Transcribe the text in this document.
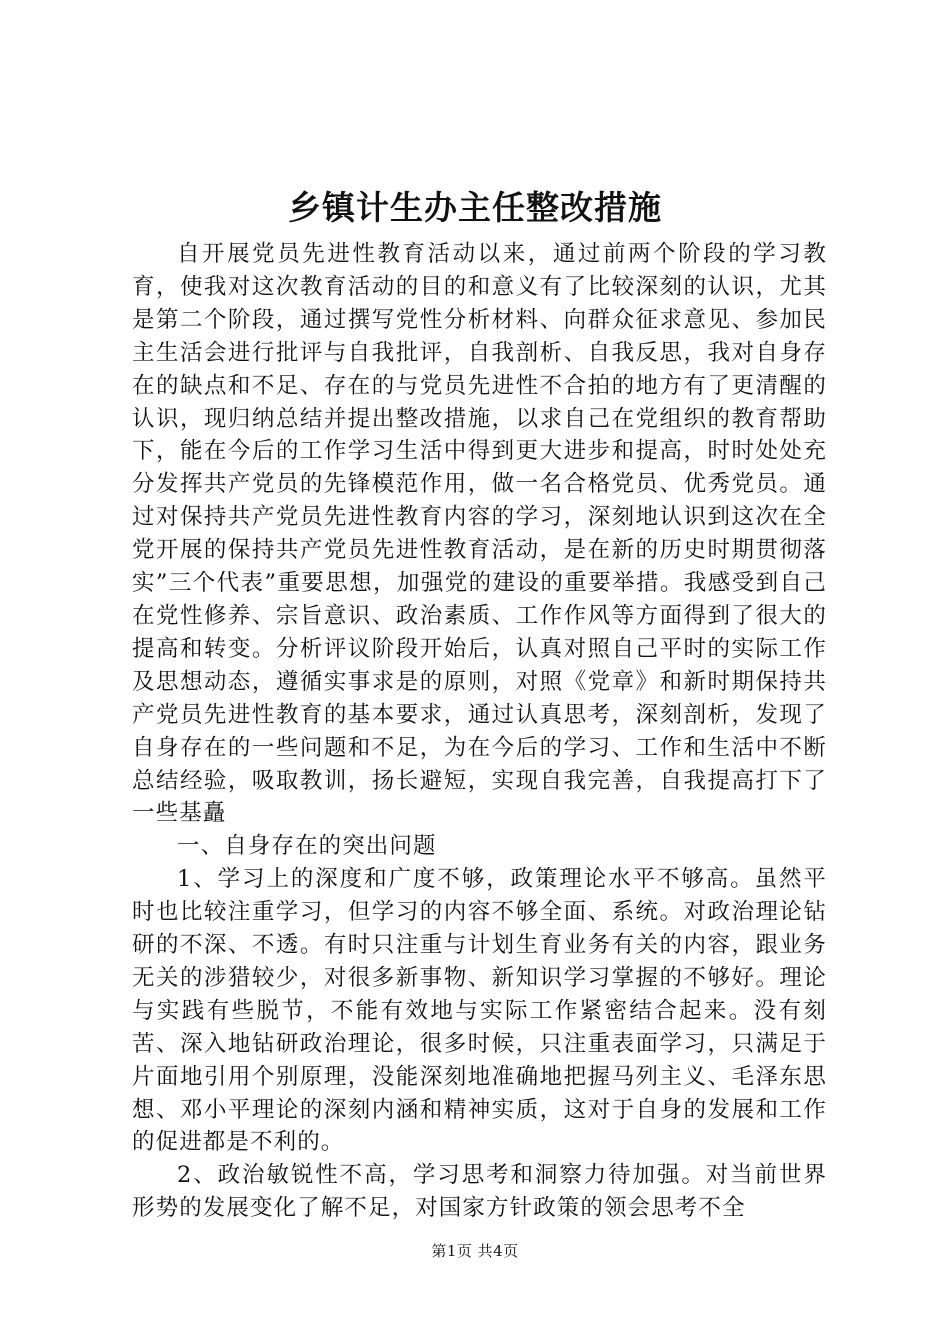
乡镇计生办主任整改措施

自开展党员先进性教育活动以来，通过前两个阶段的学习教育，使我对这次教育活动的目的和意义有了比较深刻的认识，尤其是第二个阶段，通过撰写党性分析材料、向群众征求意见、参加民主生活会进行批评与自我批评，自我剖析、自我反思，我对自身存在的缺点和不足、存在的与党员先进性不合拍的地方有了更清醒的认识，现归纳总结并提出整改措施，以求自己在党组织的教育帮助下，能在今后的工作学习生活中得到更大进步和提高，时时处处充分发挥共产党员的先锋模范作用，做一名合格党员、优秀党员。通过对保持共产党员先进性教育内容的学习，深刻地认识到这次在全党开展的保持共产党员先进性教育活动，是在新的历史时期贯彻落实”三个代表”重要思想，加强党的建设的重要举措。我感受到自己在党性修养、宗旨意识、政治素质、工作作风等方面得到了很大的提高和转变。分析评议阶段开始后，认真对照自己平时的实际工作及思想动态，遵循实事求是的原则，对照《党章》和新时期保持共产党员先进性教育的基本要求，通过认真思考，深刻剖析，发现了自身存在的一些问题和不足，为在今后的学习、工作和生活中不断总结经验，吸取教训，扬长避短，实现自我完善，自我提高打下了一些基矗

一、自身存在的突出问题

1、学习上的深度和广度不够，政策理论水平不够高。虽然平时也比较注重学习，但学习的内容不够全面、系统。对政治理论钻研的不深、不透。有时只注重与计划生育业务有关的内容，跟业务无关的涉猎较少，对很多新事物、新知识学习掌握的不够好。理论与实践有些脱节，不能有效地与实际工作紧密结合起来。没有刻苦、深入地钻研政治理论，很多时候，只注重表面学习，只满足于片面地引用个别原理，没能深刻地准确地把握马列主义、毛泽东思想、邓小平理论的深刻内涵和精神实质，这对于自身的发展和工作的促进都是不利的。

2、政治敏锐性不高，学习思考和洞察力待加强。对当前世界形势的发展变化了解不足，对国家方针政策的领会思考不全

第1页 共4页
